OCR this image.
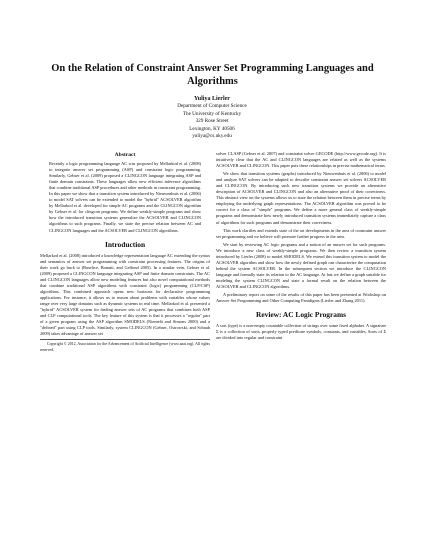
On the Relation of Constraint Answer Set Programming Languages and Algorithms
Yuliya Lierler
Department of Computer Science
The University of Kentucky
329 Rose Street
Lexington, KY 40506
yuliya@cs.uky.edu
Abstract

Recently a logic programming language AC was proposed by Mellarkod et al. (2008) to integrate answer set programming (ASP) and constraint logic programming. Similarly, Gebser et al. (2009) proposed a CLINGCON language integrating ASP and finite domain constraints. These languages allow new efficient inference algorithms that combine traditional ASP procedures and other methods in constraint programming. In this paper we show that a transition system introduced by Nieuwenhuis et al. (2006) to model SAT solvers can be extended to model the "hybrid" ACSOLVER algorithm by Mellarkod et al. developed for simple AC programs and the CLINGCON algorithm by Gebser et al. for clingcon programs. We define weakly-simple programs and show how the introduced transition systems generalize the ACSOLVER and CLINGCON algorithms to such programs. Finally, we state the precise relation between AC and CLINGCON languages and the ACSOLVER and CLINGCON algorithms.

Introduction

Mellarkod et al. (2008) introduced a knowledge representation language AC extending the syntax and semantics of answer set programming with constraint processing features. The origins of their work go back to (Baselice, Bonatti, and Gelfond 2005). In a similar vein, Gebser et al. (2009) proposed a CLINGCON language integrating ASP and finite domain constraints. The AC and CLINGCON languages allow new modeling features but also novel computational methods that combine traditional ASP algorithms with constraint (logic) programming (CLP/CSP) algorithms. This combined approach opens new horizons for declarative programming applications. For instance, it allows us to reason about problems with variables whose values range over very large domains such as dynamic systems in real time. Mellarkod et al. presented a "hybrid" ACSOLVER system for finding answer sets of AC programs that combines both ASP and CLP computational tools. The key feature of this system is that it processes a "regular" part of a given program using the ASP algorithm SMODELS (Niemelä and Simons 2000) and a "defined" part using CLP tools. Similarly, system CLINGCON (Gebser, Ostrowski, and Schaub 2009) takes advantage of answer set

Copyright © 2012, Association for the Advancement of Artificial Intelligence (www.aaai.org). All rights reserved.

solver CLASP (Gebser et al. 2007) and constraint solver GECODE (http://www.gecode.org). It is intuitively clear that the AC and CLINGCON languages are related as well as the systems ACSOLVER and CLINGCON. This paper puts these relationships in precise mathematical terms.

We show that transition systems (graphs) introduced by Nieuwenhuis et al. (2006) to model and analyze SAT solvers can be adapted to describe constraint answer set solvers ACSOLVER and CLINGCON. By introducing such new transition systems we provide an alternative description of ACSOLVER and CLINGCON and also an alternative proof of their correctness. This abstract view on the systems allows us to state the relation between them in precise terms by employing the underlying graph representations. The ACSOLVER algorithm was proved to be correct for a class of "simple" programs. We define a more general class of weakly-simple programs and demonstrate how newly introduced transition systems immediately capture a class of algorithms for such programs and demonstrate their correctness.

This work clarifies and extends state of the art developments in the area of constraint answer set programming and we believe will promote further progress in the area.

We start by reviewing AC logic programs and a notion of an answer set for such programs. We introduce a new class of weakly-simple programs. We then review a transition system introduced by Lierler (2008) to model SMODELS. We extend this transition system to model the ACSOLVER algorithm and show how the newly defined graph can characterize the computation behind the system ACSOLVER. In the subsequent section we introduce the CLINGCON language and formally state its relation to the AC language. At last we define a graph suitable for modeling the system CLINGCON and state a formal result on the relation between the ACSOLVER and CLINGCON algorithms.

A preliminary report on some of the results of this paper has been presented at Workshop on Answer Set Programming and Other Computing Paradigms (Lierler and Zhang 2011).

Review: AC Logic Programs

A sort (type) is a non-empty countable collection of strings over some fixed alphabet. A signature Σ is a collection of sorts, properly typed predicate symbols, constants, and variables. Sorts of Σ are divided into regular and constraint
